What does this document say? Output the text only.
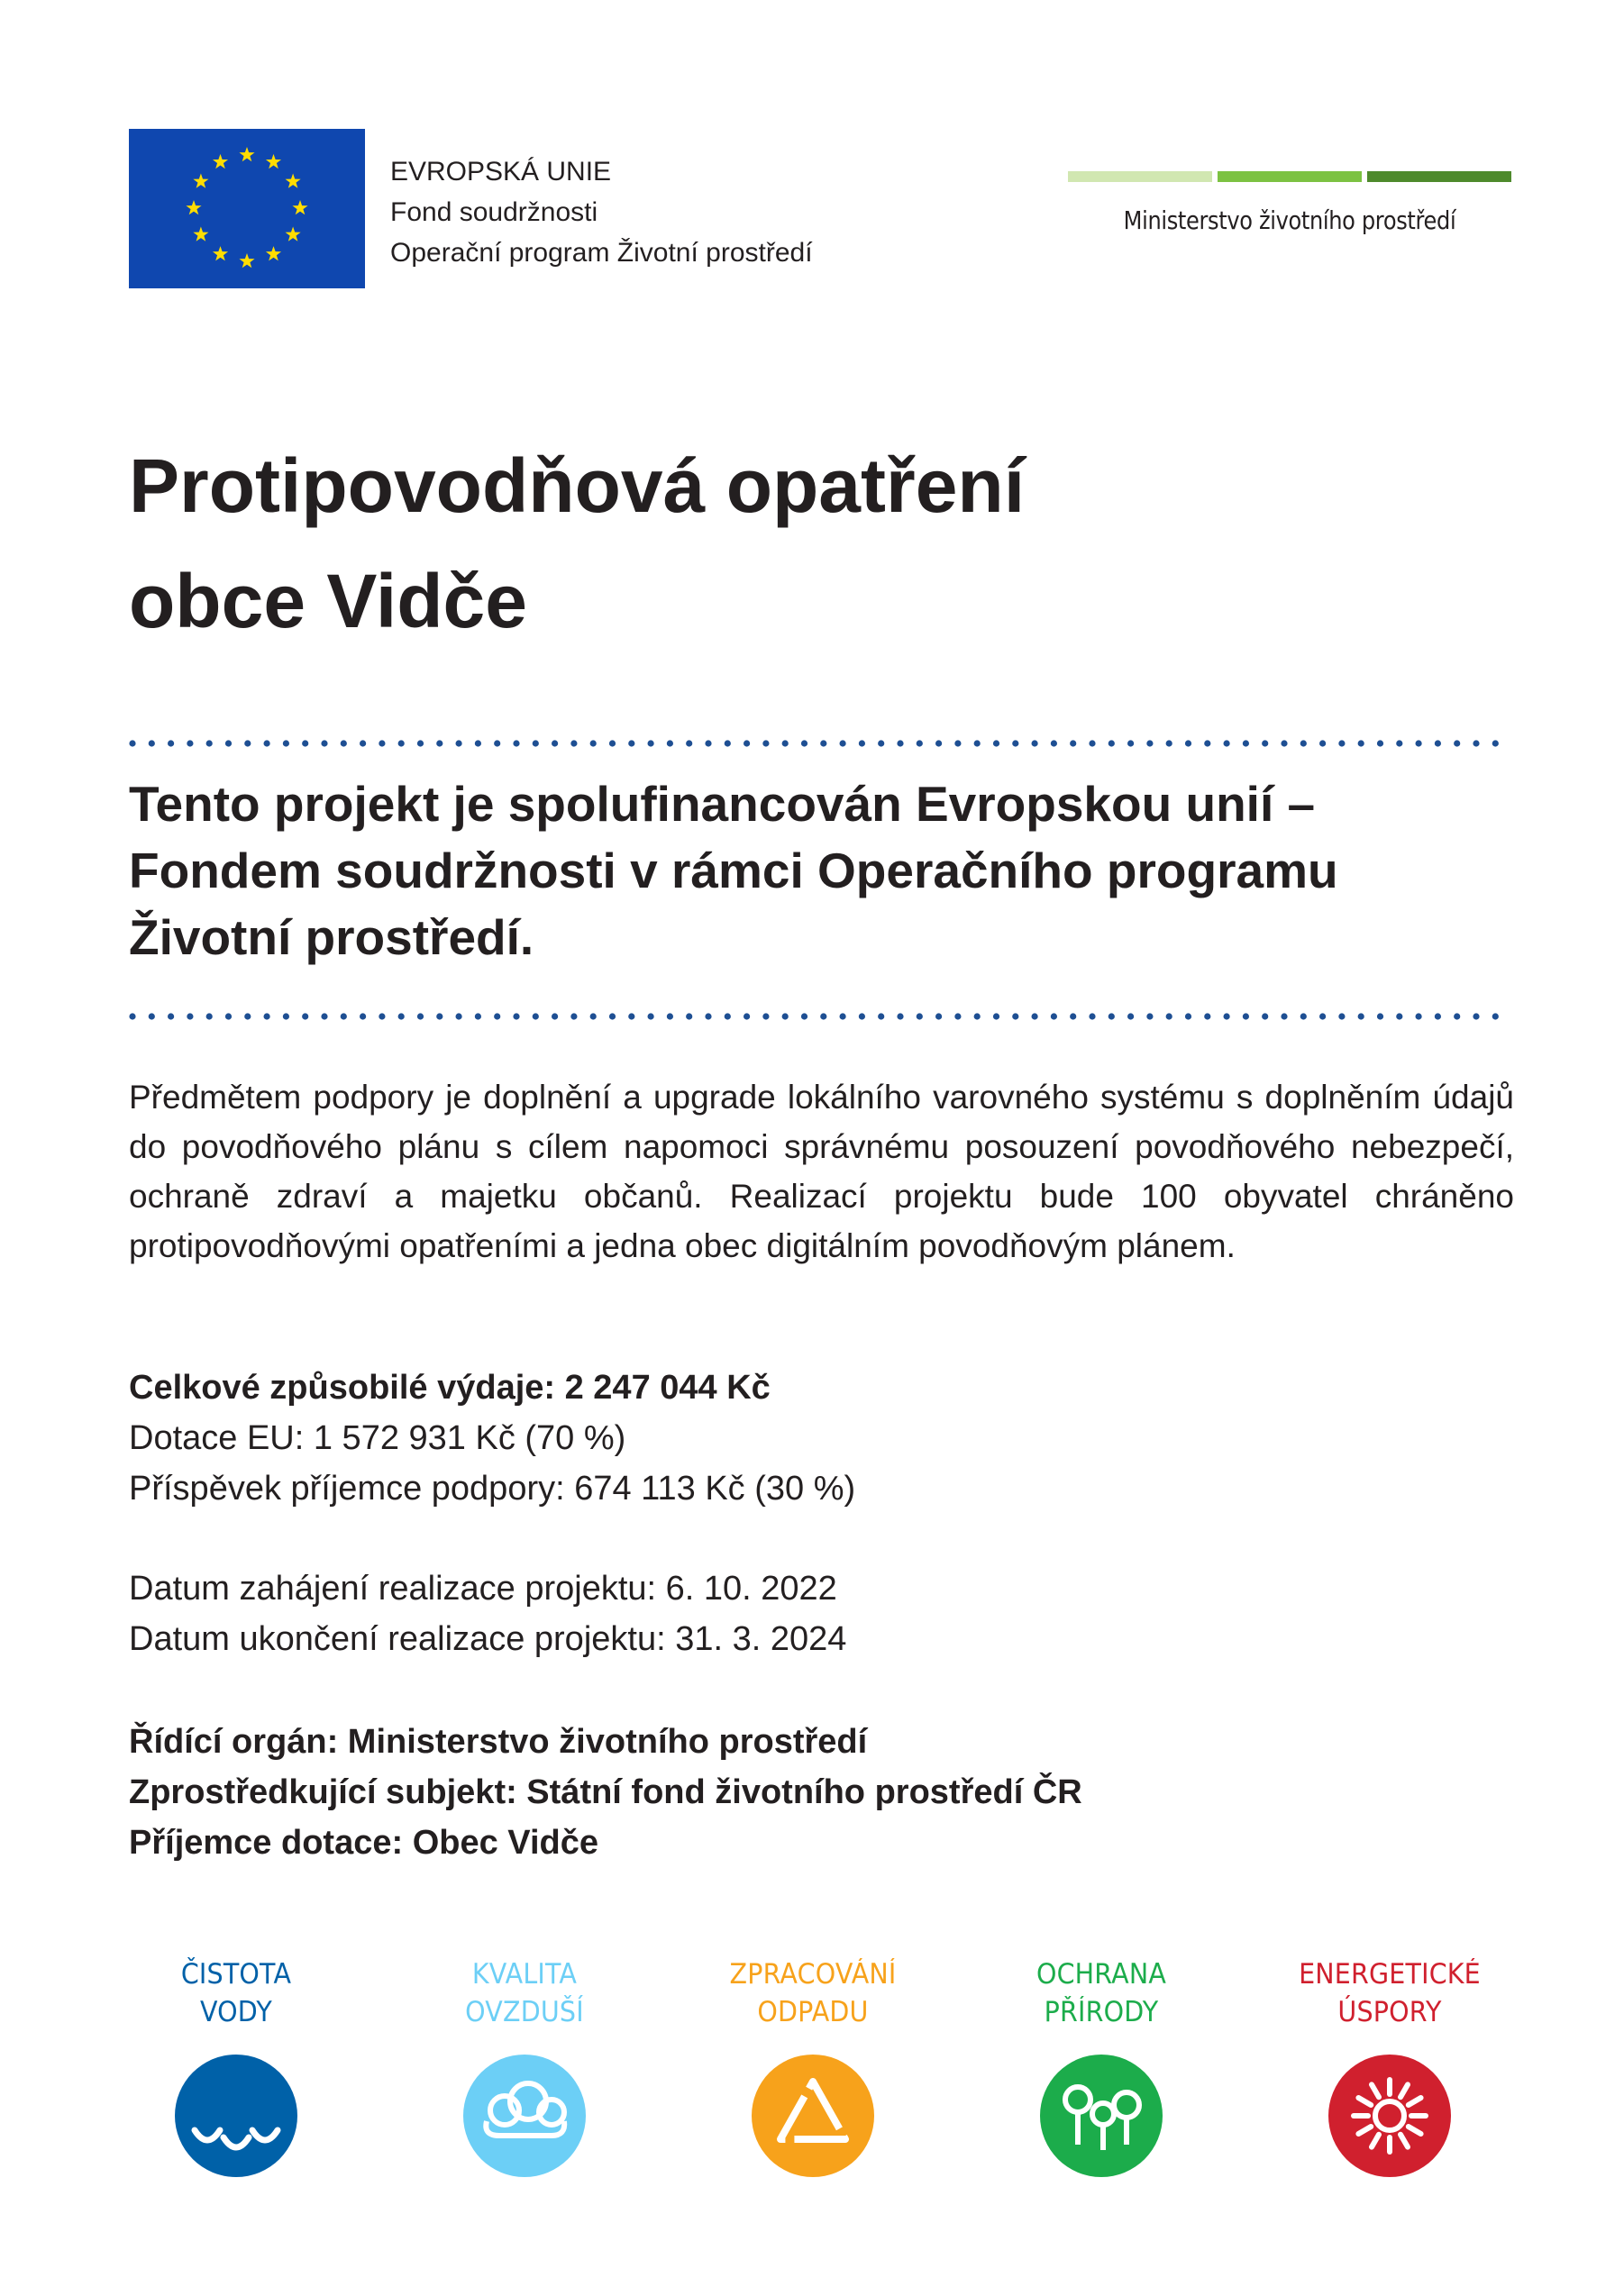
EVROPSKÁ UNIE
Fond soudržnosti
Operační program Životní prostředí
Ministerstvo životního prostředí
Protipovodňová opatření
obce Vidče
Tento projekt je spolufinancován Evropskou unií –
Fondem soudržnosti v rámci Operačního programu
Životní prostředí.
Předmětem podpory je doplnění a upgrade lokálního varovného systému s doplněním údajů do povodňového plánu s cílem napomoci správnému posouzení povodňového nebezpečí, ochraně zdraví a majetku občanů. Realizací projektu bude 100 obyvatel chráněno protipovodňovými opatřeními a jedna obec digitálním povodňovým plánem.
Celkové způsobilé výdaje: 2 247 044 Kč
Dotace EU: 1 572 931 Kč (70 %)
Příspěvek příjemce podpory: 674 113 Kč (30 %)
Datum zahájení realizace projektu: 6. 10. 2022
Datum ukončení realizace projektu: 31. 3. 2024
Řídící orgán: Ministerstvo životního prostředí
Zprostředkující subjekt: Státní fond životního prostředí ČR
Příjemce dotace: Obec Vidče
ČISTOTA
VODY
KVALITA
OVZDUŠÍ
ZPRACOVÁNÍ
ODPADU
OCHRANA
PŘÍRODY
ENERGETICKÉ
ÚSPORY
